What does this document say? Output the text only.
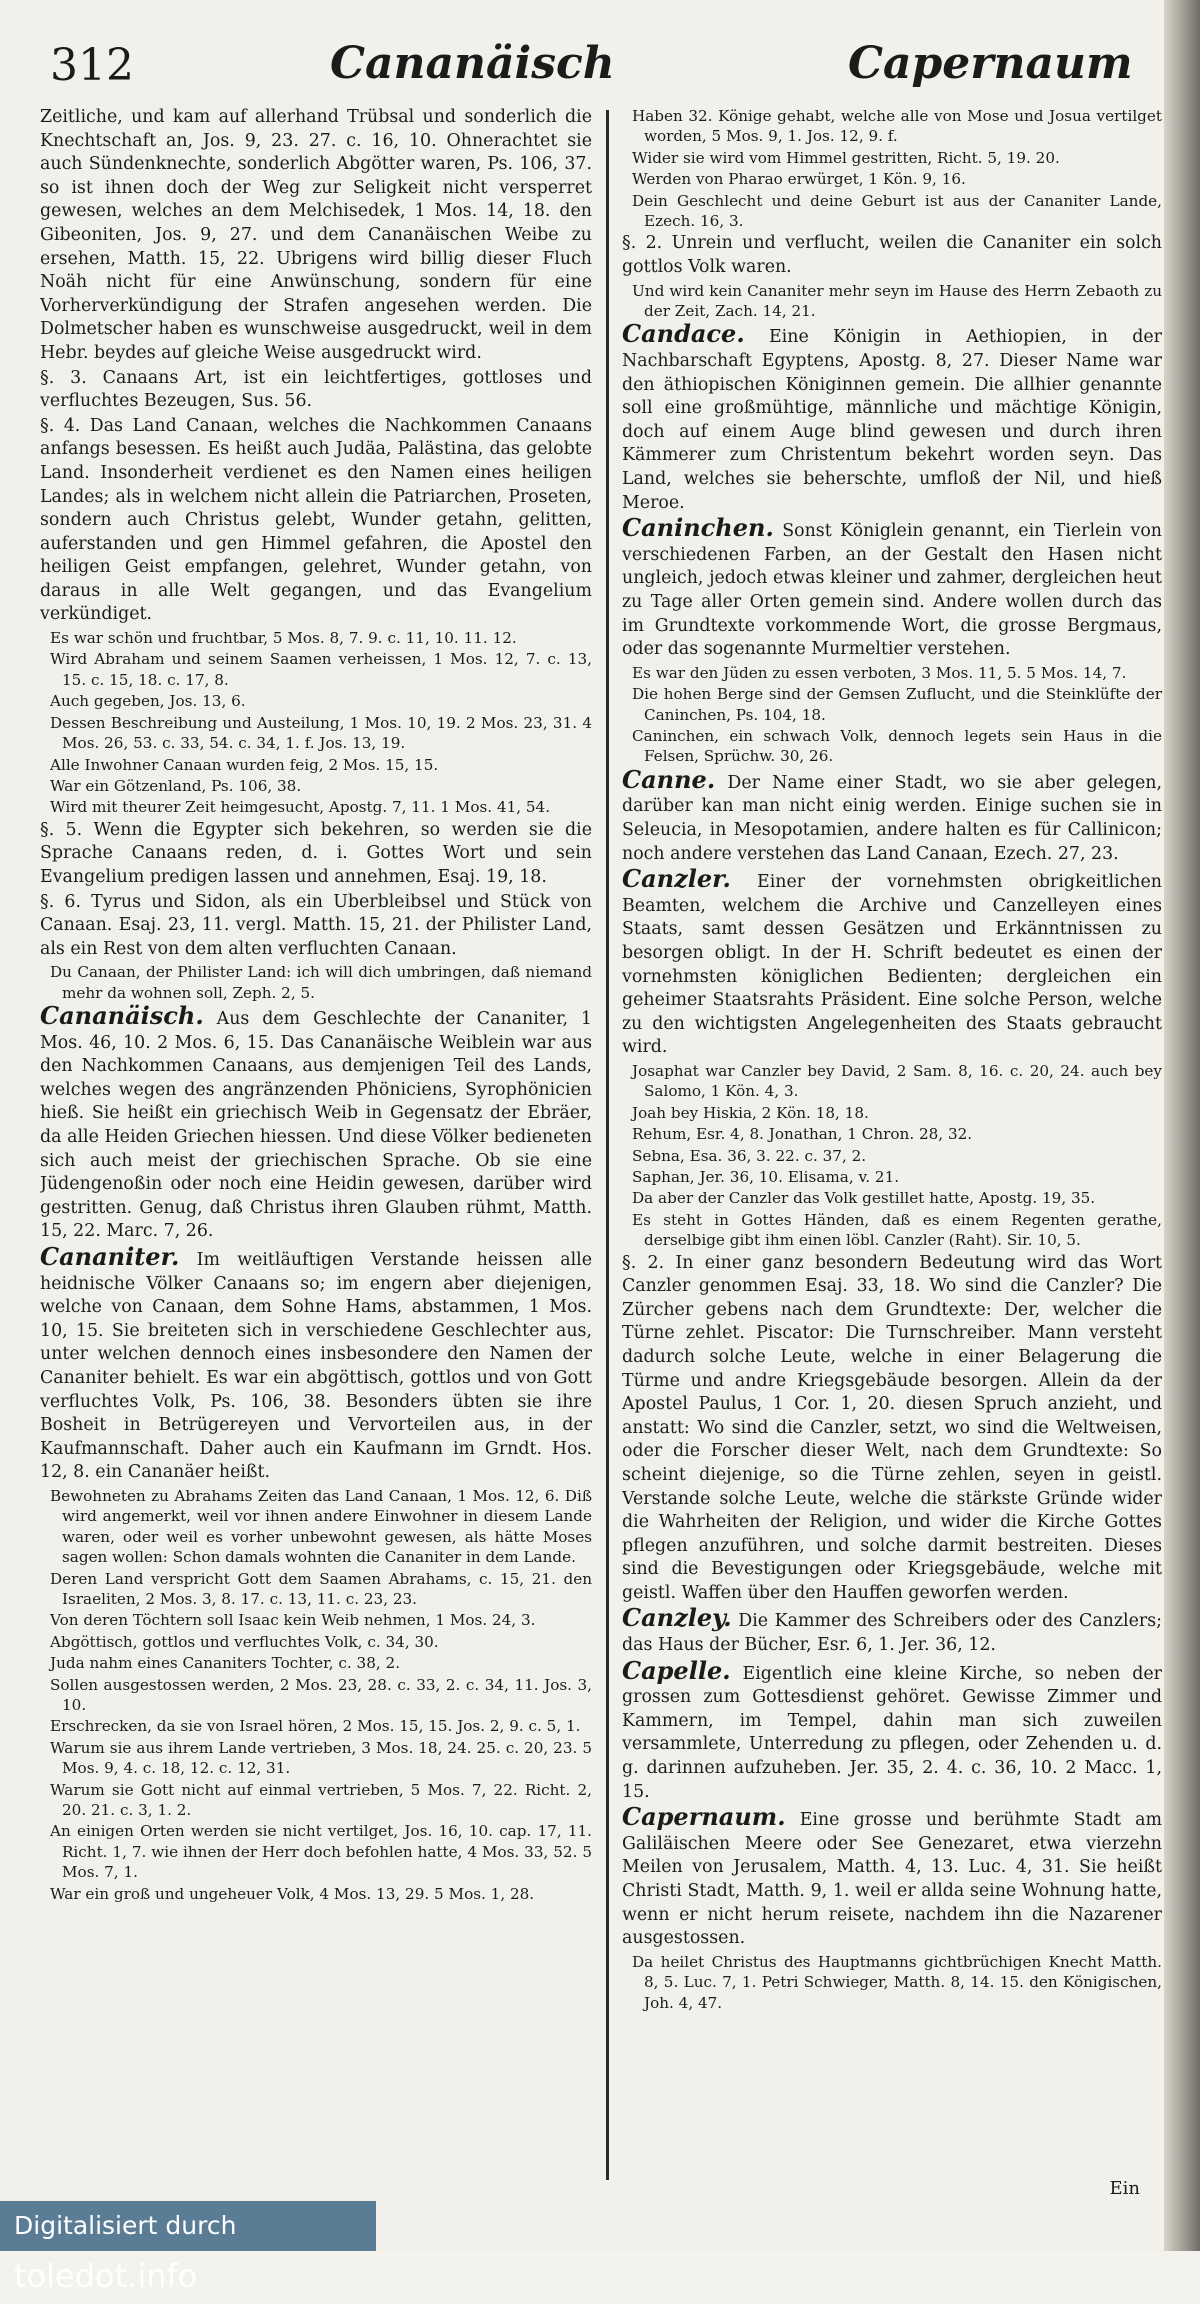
312	Cananäisch	Capernaum

Zeitliche, und kam auf allerhand Trübsal und sonderlich die Knechtschaft an, Jos. 9, 23. 27. c. 16, 10. Ohnerachtet sie auch Sündenknechte, sonderlich Abgötter waren, Ps. 106, 37. so ist ihnen doch der Weg zur Seligkeit nicht versperret gewesen, welches an dem Melchisedek, 1 Mos. 14, 18. den Gibeoniten, Jos. 9, 27. und dem Cananäischen Weibe zu ersehen, Matth. 15, 22. Ubrigens wird billig dieser Fluch Noäh nicht für eine Anwünschung, sondern für eine Vorherverkündigung der Strafen angesehen werden. Die Dolmetscher haben es wunschweise ausgedruckt, weil in dem Hebr. beydes auf gleiche Weise ausgedruckt wird.

§. 3. Canaans Art, ist ein leichtfertiges, gottloses und verfluchtes Bezeugen, Sus. 56.

§. 4. Das Land Canaan, welches die Nachkommen Canaans anfangs besessen. Es heißt auch Judäa, Palästina, das gelobte Land. Insonderheit verdienet es den Namen eines heiligen Landes; als in welchem nicht allein die Patriarchen, Proseten, sondern auch Christus gelebt, Wunder getahn, gelitten, auferstanden und gen Himmel gefahren, die Apostel den heiligen Geist empfangen, gelehret, Wunder getahn, von daraus in alle Welt gegangen, und das Evangelium verkündiget.

Es war schön und fruchtbar, 5 Mos. 8, 7. 9. c. 11, 10. 11. 12.

Wird Abraham und seinem Saamen verheissen, 1 Mos. 12, 7. c. 13, 15. c. 15, 18. c. 17, 8.

Auch gegeben, Jos. 13, 6.

Dessen Beschreibung und Austeilung, 1 Mos. 10, 19. 2 Mos. 23, 31. 4 Mos. 26, 53. c. 33, 54. c. 34, 1. f. Jos. 13, 19.

Alle Inwohner Canaan wurden feig, 2 Mos. 15, 15.

War ein Götzenland, Ps. 106, 38.

Wird mit theurer Zeit heimgesucht, Apostg. 7, 11. 1 Mos. 41, 54.

§. 5. Wenn die Egypter sich bekehren, so werden sie die Sprache Canaans reden, d. i. Gottes Wort und sein Evangelium predigen lassen und annehmen, Esaj. 19, 18.

§. 6. Tyrus und Sidon, als ein Uberbleibsel und Stück von Canaan. Esaj. 23, 11. vergl. Matth. 15, 21. der Philister Land, als ein Rest von dem alten verfluchten Canaan.

Du Canaan, der Philister Land: ich will dich umbringen, daß niemand mehr da wohnen soll, Zeph. 2, 5.

Cananäisch. Aus dem Geschlechte der Cananiter, 1 Mos. 46, 10. 2 Mos. 6, 15. Das Cananäische Weiblein war aus den Nachkommen Canaans, aus demjenigen Teil des Lands, welches wegen des angränzenden Phöniciens, Syrophönicien hieß. Sie heißt ein griechisch Weib in Gegensatz der Ebräer, da alle Heiden Griechen hiessen. Und diese Völker bedieneten sich auch meist der griechischen Sprache. Ob sie eine Jüdengenoßin oder noch eine Heidin gewesen, darüber wird gestritten. Genug, daß Christus ihren Glauben rühmt, Matth. 15, 22. Marc. 7, 26.

Cananiter. Im weitläuftigen Verstande heissen alle heidnische Völker Canaans so; im engern aber diejenigen, welche von Canaan, dem Sohne Hams, abstammen, 1 Mos. 10, 15. Sie breiteten sich in verschiedene Geschlechter aus, unter welchen dennoch eines insbesondere den Namen der Cananiter behielt. Es war ein abgöttisch, gottlos und von Gott verfluchtes Volk, Ps. 106, 38. Besonders übten sie ihre Bosheit in Betrügereyen und Vervorteilen aus, in der Kaufmannschaft. Daher auch ein Kaufmann im Grndt. Hos. 12, 8. ein Cananäer heißt.

Bewohneten zu Abrahams Zeiten das Land Canaan, 1 Mos. 12, 6. Diß wird angemerkt, weil vor ihnen andere Einwohner in diesem Lande waren, oder weil es vorher unbewohnt gewesen, als hätte Moses sagen wollen: Schon damals wohnten die Cananiter in dem Lande.

Deren Land verspricht Gott dem Saamen Abrahams, c. 15, 21. den Israeliten, 2 Mos. 3, 8. 17. c. 13, 11. c. 23, 23.

Von deren Töchtern soll Isaac kein Weib nehmen, 1 Mos. 24, 3.

Abgöttisch, gottlos und verfluchtes Volk, c. 34, 30.

Juda nahm eines Cananiters Tochter, c. 38, 2.

Sollen ausgestossen werden, 2 Mos. 23, 28. c. 33, 2. c. 34, 11. Jos. 3, 10.

Erschrecken, da sie von Israel hören, 2 Mos. 15, 15. Jos. 2, 9. c. 5, 1.

Warum sie aus ihrem Lande vertrieben, 3 Mos. 18, 24. 25. c. 20, 23. 5 Mos. 9, 4. c. 18, 12. c. 12, 31.

Warum sie Gott nicht auf einmal vertrieben, 5 Mos. 7, 22. Richt. 2, 20. 21. c. 3, 1. 2.

An einigen Orten werden sie nicht vertilget, Jos. 16, 10. cap. 17, 11. Richt. 1, 7. wie ihnen der Herr doch befohlen hatte, 4 Mos. 33, 52. 5 Mos. 7, 1.

War ein groß und ungeheuer Volk, 4 Mos. 13, 29. 5 Mos. 1, 28.

Haben 32. Könige gehabt, welche alle von Mose und Josua vertilget worden, 5 Mos. 9, 1. Jos. 12, 9. f.

Wider sie wird vom Himmel gestritten, Richt. 5, 19. 20.

Werden von Pharao erwürget, 1 Kön. 9, 16.

Dein Geschlecht und deine Geburt ist aus der Cananiter Lande, Ezech. 16, 3.

§. 2. Unrein und verflucht, weilen die Cananiter ein solch gottlos Volk waren.

Und wird kein Cananiter mehr seyn im Hause des Herrn Zebaoth zu der Zeit, Zach. 14, 21.

Candace. Eine Königin in Aethiopien, in der Nachbarschaft Egyptens, Apostg. 8, 27. Dieser Name war den äthiopischen Königinnen gemein. Die allhier genannte soll eine großmühtige, männliche und mächtige Königin, doch auf einem Auge blind gewesen und durch ihren Kämmerer zum Christentum bekehrt worden seyn. Das Land, welches sie beherschte, umfloß der Nil, und hieß Meroe.

Caninchen. Sonst Königlein genannt, ein Tierlein von verschiedenen Farben, an der Gestalt den Hasen nicht ungleich, jedoch etwas kleiner und zahmer, dergleichen heut zu Tage aller Orten gemein sind. Andere wollen durch das im Grundtexte vorkommende Wort, die grosse Bergmaus, oder das sogenannte Murmeltier verstehen.

Es war den Jüden zu essen verboten, 3 Mos. 11, 5. 5 Mos. 14, 7.

Die hohen Berge sind der Gemsen Zuflucht, und die Steinklüfte der Caninchen, Ps. 104, 18.

Caninchen, ein schwach Volk, dennoch legets sein Haus in die Felsen, Sprüchw. 30, 26.

Canne. Der Name einer Stadt, wo sie aber gelegen, darüber kan man nicht einig werden. Einige suchen sie in Seleucia, in Mesopotamien, andere halten es für Callinicon; noch andere verstehen das Land Canaan, Ezech. 27, 23.

Canzler. Einer der vornehmsten obrigkeitlichen Beamten, welchem die Archive und Canzelleyen eines Staats, samt dessen Gesätzen und Erkänntnissen zu besorgen obligt. In der H. Schrift bedeutet es einen der vornehmsten königlichen Bedienten; dergleichen ein geheimer Staatsrahts Präsident. Eine solche Person, welche zu den wichtigsten Angelegenheiten des Staats gebraucht wird.

Josaphat war Canzler bey David, 2 Sam. 8, 16. c. 20, 24. auch bey Salomo, 1 Kön. 4, 3.

Joah bey Hiskia, 2 Kön. 18, 18.

Rehum, Esr. 4, 8. Jonathan, 1 Chron. 28, 32.

Sebna, Esa. 36, 3. 22. c. 37, 2.

Saphan, Jer. 36, 10. Elisama, v. 21.

Da aber der Canzler das Volk gestillet hatte, Apostg. 19, 35.

Es steht in Gottes Händen, daß es einem Regenten gerathe, derselbige gibt ihm einen löbl. Canzler (Raht). Sir. 10, 5.

§. 2. In einer ganz besondern Bedeutung wird das Wort Canzler genommen Esaj. 33, 18. Wo sind die Canzler? Die Zürcher gebens nach dem Grundtexte: Der, welcher die Türne zehlet. Piscator: Die Turnschreiber. Mann versteht dadurch solche Leute, welche in einer Belagerung die Türme und andre Kriegsgebäude besorgen. Allein da der Apostel Paulus, 1 Cor. 1, 20. diesen Spruch anzieht, und anstatt: Wo sind die Canzler, setzt, wo sind die Weltweisen, oder die Forscher dieser Welt, nach dem Grundtexte: So scheint diejenige, so die Türne zehlen, seyen in geistl. Verstande solche Leute, welche die stärkste Gründe wider die Wahrheiten der Religion, und wider die Kirche Gottes pflegen anzuführen, und solche darmit bestreiten. Dieses sind die Bevestigungen oder Kriegsgebäude, welche mit geistl. Waffen über den Hauffen geworfen werden.

Canzley. Die Kammer des Schreibers oder des Canzlers; das Haus der Bücher, Esr. 6, 1. Jer. 36, 12.

Capelle. Eigentlich eine kleine Kirche, so neben der grossen zum Gottesdienst gehöret. Gewisse Zimmer und Kammern, im Tempel, dahin man sich zuweilen versammlete, Unterredung zu pflegen, oder Zehenden u. d. g. darinnen aufzuheben. Jer. 35, 2. 4. c. 36, 10. 2 Macc. 1, 15.

Capernaum. Eine grosse und berühmte Stadt am Galiläischen Meere oder See Genezaret, etwa vierzehn Meilen von Jerusalem, Matth. 4, 13. Luc. 4, 31. Sie heißt Christi Stadt, Matth. 9, 1. weil er allda seine Wohnung hatte, wenn er nicht herum reisete, nachdem ihn die Nazarener ausgestossen.

Da heilet Christus des Hauptmanns gichtbrüchigen Knecht Matth. 8, 5. Luc. 7, 1. Petri Schwieger, Matth. 8, 14. 15. den Königischen, Joh. 4, 47.

Ein
Digitalisiert durch toledot.info
